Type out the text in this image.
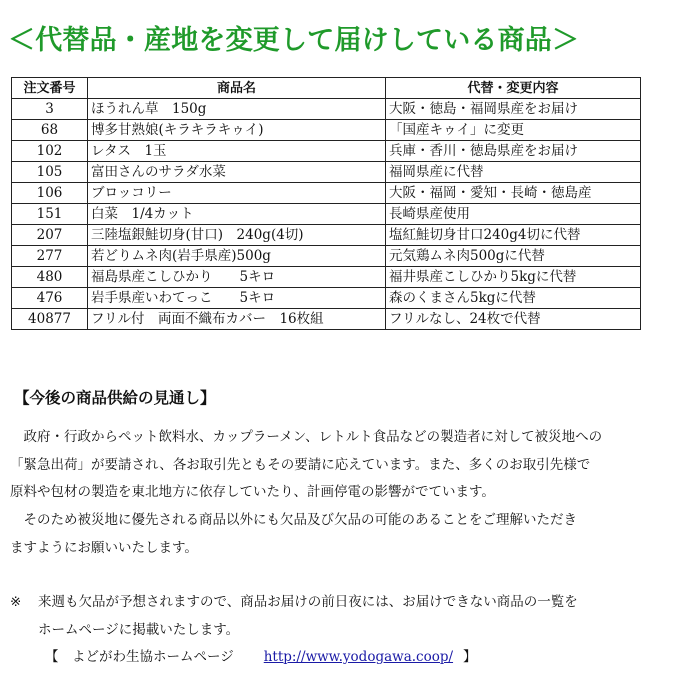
＜代替品・産地を変更して届けしている商品＞
注文番号	商品名	代替・変更内容
3	ほうれん草　150g	大阪・徳島・福岡県産をお届け
68	博多甘熟娘(キラキラキゥイ)	「国産キゥイ」に変更
102	レタス　1玉	兵庫・香川・徳島県産をお届け
105	富田さんのサラダ水菜	福岡県産に代替
106	ブロッコリー	大阪・福岡・愛知・長崎・徳島産
151	白菜　1/4カット	長崎県産使用
207	三陸塩銀鮭切身(甘口)　240g(4切)	塩紅鮭切身甘口240g4切に代替
277	若どりムネ肉(岩手県産)500g	元気鶏ムネ肉500gに代替
480	福島県産こしひかり　　5キロ	福井県産こしひかり5kgに代替
476	岩手県産いわてっこ　　5キロ	森のくまさん5kgに代替
40877	フリル付　両面不織布カバー　16枚組	フリルなし、24枚で代替
【今後の商品供給の見通し】
　政府・行政からペット飲料水、カップラーメン、レトルト食品などの製造者に対して被災地への
「緊急出荷」が要請され、各お取引先ともその要請に応えています。また、多くのお取引先様で
原料や包材の製造を東北地方に依存していたり、計画停電の影響がでています。
　そのため被災地に優先される商品以外にも欠品及び欠品の可能のあることをご理解いただき
ますようにお願いいたします。
※ 来週も欠品が予想されますので、商品お届けの前日夜には、お届けできない商品の一覧を
ホームページに掲載いたします。
【　よどがわ生協ホームページ http://www.yodogawa.coop/ 】
